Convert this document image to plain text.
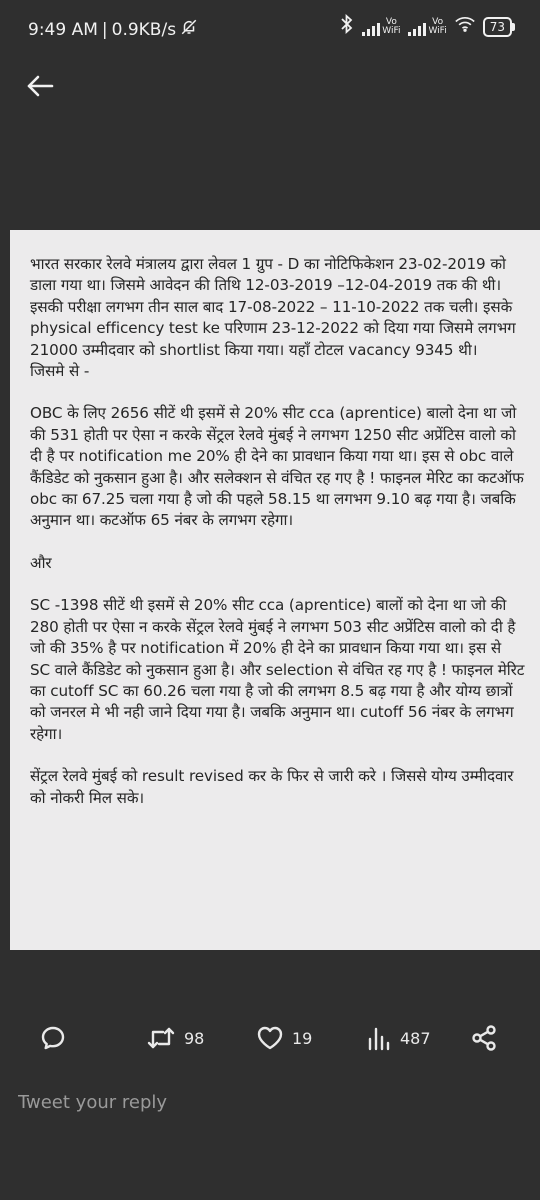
9:49 AM | 0.9KB/s	Vo
WiFi
Vo
WiFi	73

भारत सरकार रेलवे मंत्रालय द्वारा लेवल 1 ग्रुप - D का नोटिफिकेशन 23-02-2019 को डाला गया था। जिसमे आवेदन की तिथि 12-03-2019 –12-04-2019 तक की थी। इसकी परीक्षा लगभग तीन साल बाद 17-08-2022 – 11-10-2022 तक चली। इसके physical efficency test ke परिणाम 23-12-2022 को दिया गया जिसमे लगभग 21000 उम्मीदवार को shortlist किया गया। यहाँ टोटल vacancy 9345 थी।

जिसमे से -

OBC के लिए 2656 सीटें थी इसमें से 20% सीट cca (aprentice) बालो देना था जो की 531 होती पर ऐसा न करके सेंट्रल रेलवे मुंबई ने लगभग 1250 सीट अप्रेंटिस वालो को दी है पर notification me 20% ही देने का प्रावधान किया गया था। इस से obc वाले कैंडिडेट को नुकसान हुआ है। और सलेक्शन से वंचित रह गए है ! फाइनल मेरिट का कटऑफ obc का 67.25 चला गया है जो की पहले 58.15 था लगभग 9.10 बढ़ गया है। जबकि अनुमान था। कटऑफ 65 नंबर के लगभग रहेगा।

और

SC -1398 सीटें थी इसमें से 20% सीट cca (aprentice) बालों को देना था जो की 280 होती पर ऐसा न करके सेंट्रल रेलवे मुंबई ने लगभग 503 सीट अप्रेंटिस वालो को दी है जो की 35% है पर notification में 20% ही देने का प्रावधान किया गया था। इस से SC वाले कैंडिडेट को नुकसान हुआ है। और selection से वंचित रह गए है ! फाइनल मेरिट का cutoff SC का 60.26 चला गया है जो की लगभग 8.5 बढ़ गया है और योग्य छात्रों को जनरल मे भी नही जाने दिया गया है। जबकि अनुमान था। cutoff 56 नंबर के लगभग रहेगा।

सेंट्रल रेलवे मुंबई को result revised कर के फिर से जारी करे । जिससे योग्य उम्मीदवार को नोकरी मिल सके।

98	19	487
Tweet your reply
